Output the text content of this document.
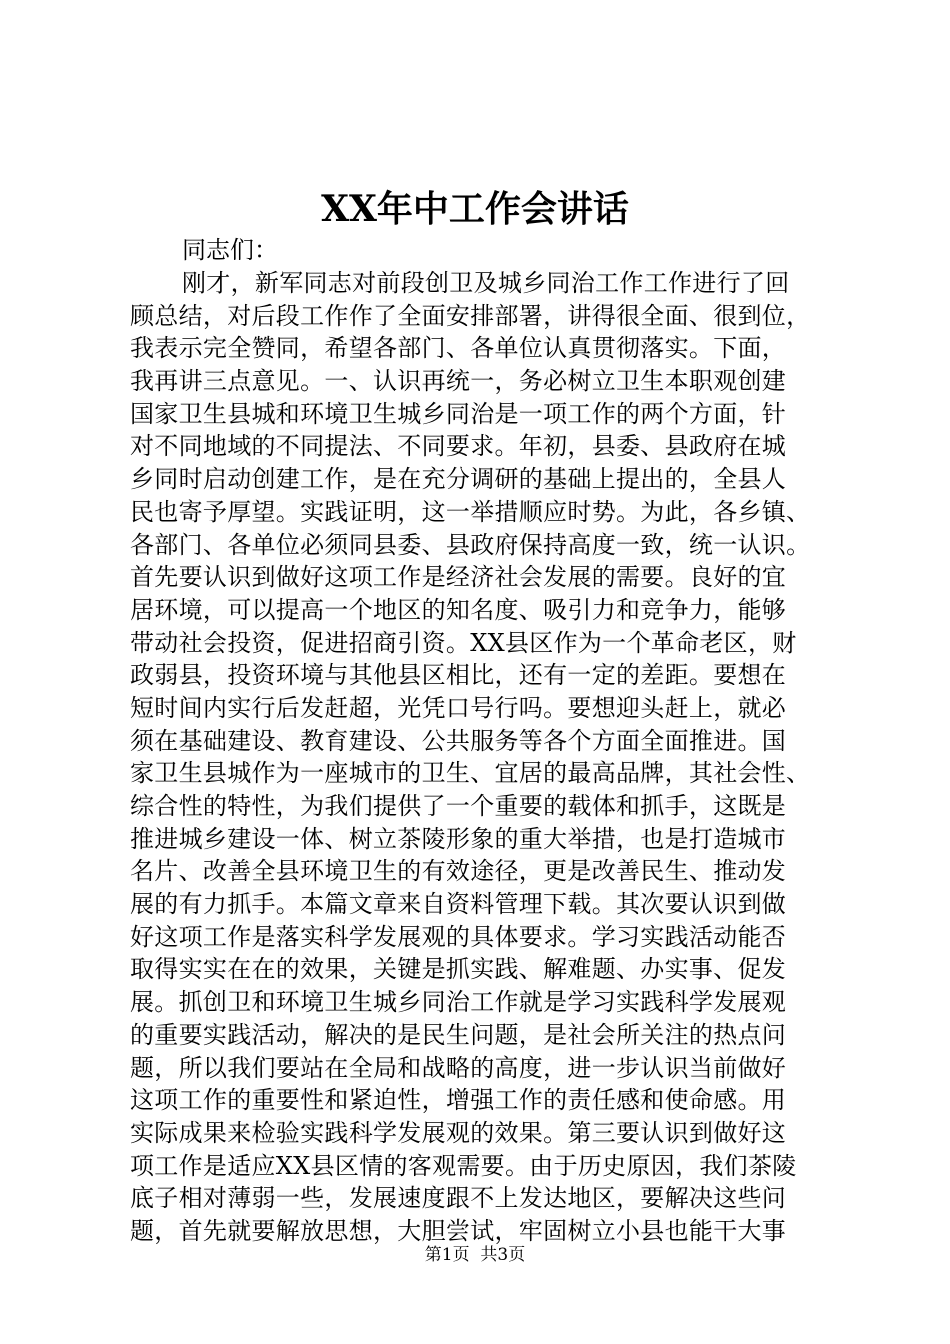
XX年中工作会讲话

同志们：

刚才，新军同志对前段创卫及城乡同治工作工作进行了回
顾总结，对后段工作作了全面安排部署，讲得很全面、很到位，
我表示完全赞同，希望各部门、各单位认真贯彻落实。下面，
我再讲三点意见。一、认识再统一，务必树立卫生本职观创建
国家卫生县城和环境卫生城乡同治是一项工作的两个方面，针
对不同地域的不同提法、不同要求。年初，县委、县政府在城
乡同时启动创建工作，是在充分调研的基础上提出的，全县人
民也寄予厚望。实践证明，这一举措顺应时势。为此，各乡镇、
各部门、各单位必须同县委、县政府保持高度一致，统一认识。
首先要认识到做好这项工作是经济社会发展的需要。良好的宜
居环境，可以提高一个地区的知名度、吸引力和竞争力，能够
带动社会投资，促进招商引资。XX县区作为一个革命老区，财
政弱县，投资环境与其他县区相比，还有一定的差距。要想在
短时间内实行后发赶超，光凭口号行吗。要想迎头赶上，就必
须在基础建设、教育建设、公共服务等各个方面全面推进。国
家卫生县城作为一座城市的卫生、宜居的最高品牌，其社会性、
综合性的特性，为我们提供了一个重要的载体和抓手，这既是
推进城乡建设一体、树立茶陵形象的重大举措，也是打造城市
名片、改善全县环境卫生的有效途径，更是改善民生、推动发
展的有力抓手。本篇文章来自资料管理下载。其次要认识到做
好这项工作是落实科学发展观的具体要求。学习实践活动能否
取得实实在在的效果，关键是抓实践、解难题、办实事、促发
展。抓创卫和环境卫生城乡同治工作就是学习实践科学发展观
的重要实践活动，解决的是民生问题，是社会所关注的热点问
题，所以我们要站在全局和战略的高度，进一步认识当前做好
这项工作的重要性和紧迫性，增强工作的责任感和使命感。用
实际成果来检验实践科学发展观的效果。第三要认识到做好这
项工作是适应XX县区情的客观需要。由于历史原因，我们茶陵
底子相对薄弱一些，发展速度跟不上发达地区，要解决这些问
题，首先就要解放思想，大胆尝试，牢固树立小县也能干大事
第1页  共3页
